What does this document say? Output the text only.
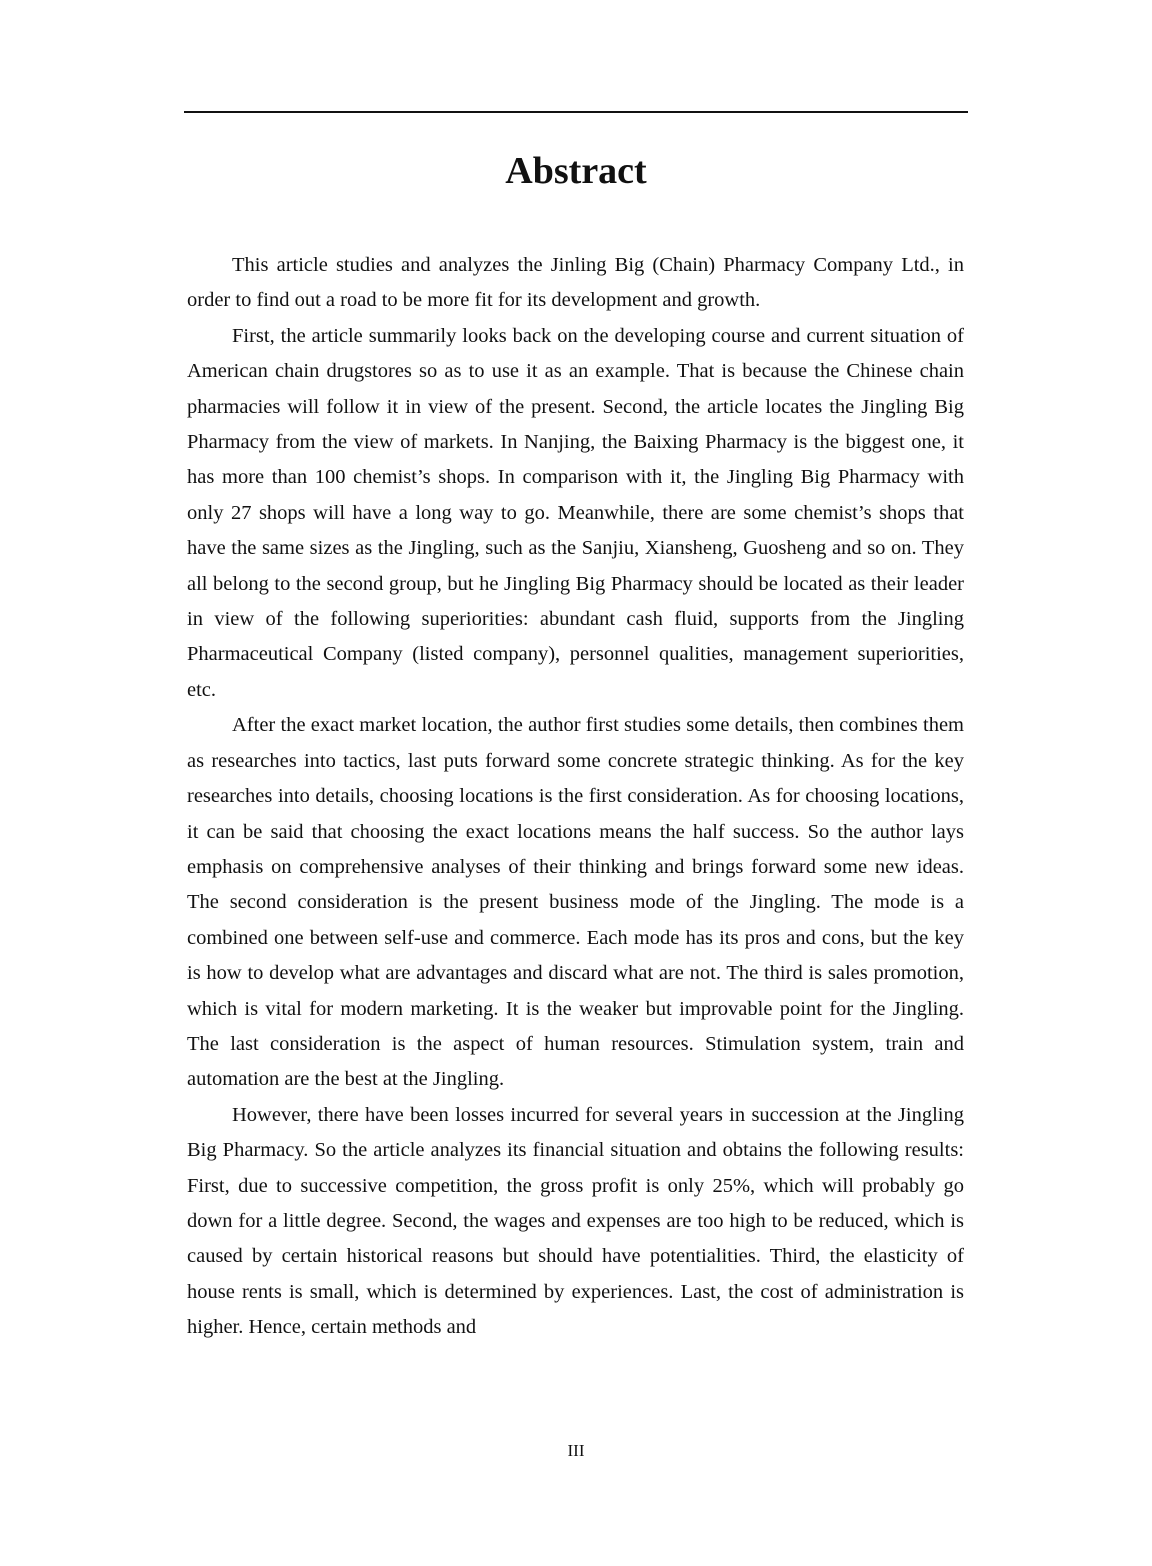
Abstract

This article studies and analyzes the Jinling Big (Chain) Pharmacy Company Ltd., in order to find out a road to be more fit for its development and growth.

First, the article summarily looks back on the developing course and current situation of American chain drugstores so as to use it as an example. That is because the Chinese chain pharmacies will follow it in view of the present. Second, the article locates the Jingling Big Pharmacy from the view of markets. In Nanjing, the Baixing Pharmacy is the biggest one, it has more than 100 chemist’s shops. In comparison with it, the Jingling Big Pharmacy with only 27 shops will have a long way to go. Meanwhile, there are some chemist’s shops that have the same sizes as the Jingling, such as the Sanjiu, Xiansheng, Guosheng and so on. They all belong to the second group, but he Jingling Big Pharmacy should be located as their leader in view of the following superiorities: abundant cash fluid, supports from the Jingling Pharmaceutical Company (listed company), personnel qualities, management superiorities, etc.

After the exact market location, the author first studies some details, then combines them as researches into tactics, last puts forward some concrete strategic thinking. As for the key researches into details, choosing locations is the first consideration. As for choosing locations, it can be said that choosing the exact locations means the half success. So the author lays emphasis on comprehensive analyses of their thinking and brings forward some new ideas. The second consideration is the present business mode of the Jingling. The mode is a combined one between self-use and commerce. Each mode has its pros and cons, but the key is how to develop what are advantages and discard what are not. The third is sales promotion, which is vital for modern marketing. It is the weaker but improvable point for the Jingling. The last consideration is the aspect of human resources. Stimulation system, train and automation are the best at the Jingling.

However, there have been losses incurred for several years in succession at the Jingling Big Pharmacy. So the article analyzes its financial situation and obtains the following results: First, due to successive competition, the gross profit is only 25%, which will probably go down for a little degree. Second, the wages and expenses are too high to be reduced, which is caused by certain historical reasons but should have potentialities. Third, the elasticity of house rents is small, which is determined by experiences. Last, the cost of administration is higher. Hence, certain methods and

III
